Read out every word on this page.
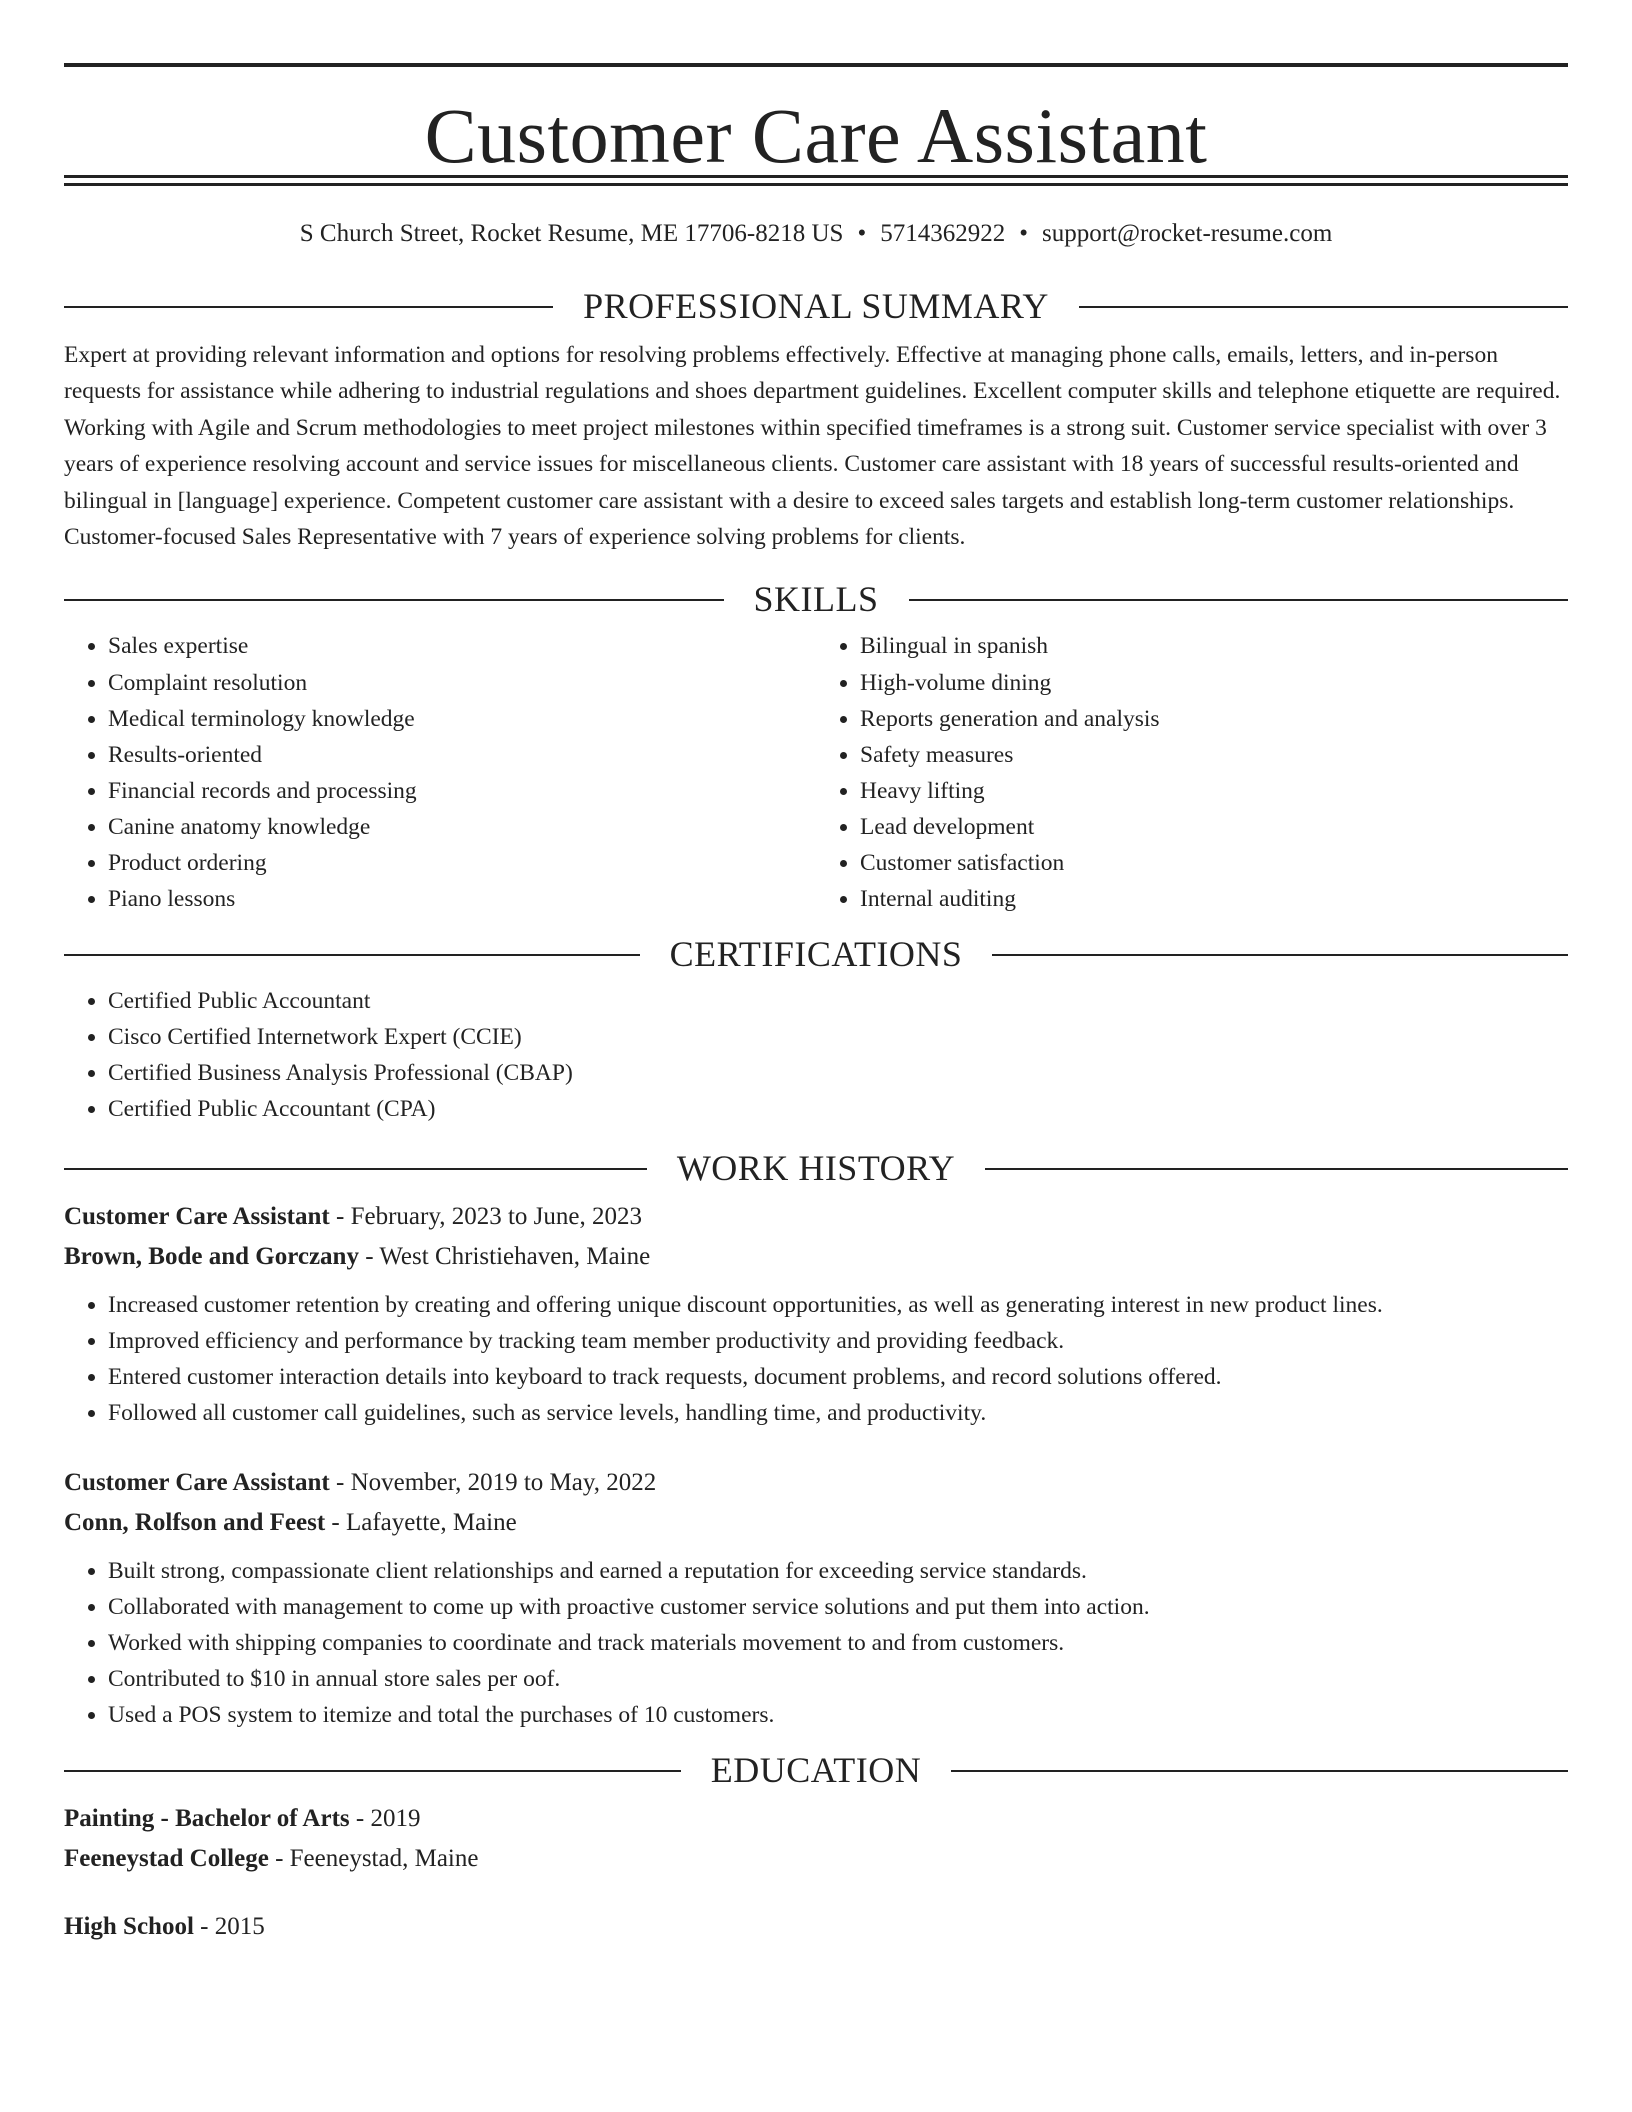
Customer Care Assistant
S Church Street, Rocket Resume, ME 17706-8218 US • 5714362922 • support@rocket-resume.com
PROFESSIONAL SUMMARY

Expert at providing relevant information and options for resolving problems effectively. Effective at managing phone calls, emails, letters, and in-person requests for assistance while adhering to industrial regulations and shoes department guidelines. Excellent computer skills and telephone etiquette are required. Working with Agile and Scrum methodologies to meet project milestones within specified timeframes is a strong suit. Customer service specialist with over 3 years of experience resolving account and service issues for miscellaneous clients. Customer care assistant with 18 years of successful results-oriented and bilingual in [language] experience. Competent customer care assistant with a desire to exceed sales targets and establish long-term customer relationships. Customer-focused Sales Representative with 7 years of experience solving problems for clients.

SKILLS
• Sales expertise
• Complaint resolution
• Medical terminology knowledge
• Results-oriented
• Financial records and processing
• Canine anatomy knowledge
• Product ordering
• Piano lessons
• Bilingual in spanish
• High-volume dining
• Reports generation and analysis
• Safety measures
• Heavy lifting
• Lead development
• Customer satisfaction
• Internal auditing
CERTIFICATIONS
• Certified Public Accountant
• Cisco Certified Internetwork Expert (CCIE)
• Certified Business Analysis Professional (CBAP)
• Certified Public Accountant (CPA)
WORK HISTORY

Customer Care Assistant - February, 2023 to June, 2023

Brown, Bode and Gorczany - West Christiehaven, Maine

• Increased customer retention by creating and offering unique discount opportunities, as well as generating interest in new product lines.
• Improved efficiency and performance by tracking team member productivity and providing feedback.
• Entered customer interaction details into keyboard to track requests, document problems, and record solutions offered.
• Followed all customer call guidelines, such as service levels, handling time, and productivity.

Customer Care Assistant - November, 2019 to May, 2022

Conn, Rolfson and Feest - Lafayette, Maine

• Built strong, compassionate client relationships and earned a reputation for exceeding service standards.
• Collaborated with management to come up with proactive customer service solutions and put them into action.
• Worked with shipping companies to coordinate and track materials movement to and from customers.
• Contributed to $10 in annual store sales per oof.
• Used a POS system to itemize and total the purchases of 10 customers.
EDUCATION

Painting - Bachelor of Arts - 2019

Feeneystad College - Feeneystad, Maine

High School - 2015
